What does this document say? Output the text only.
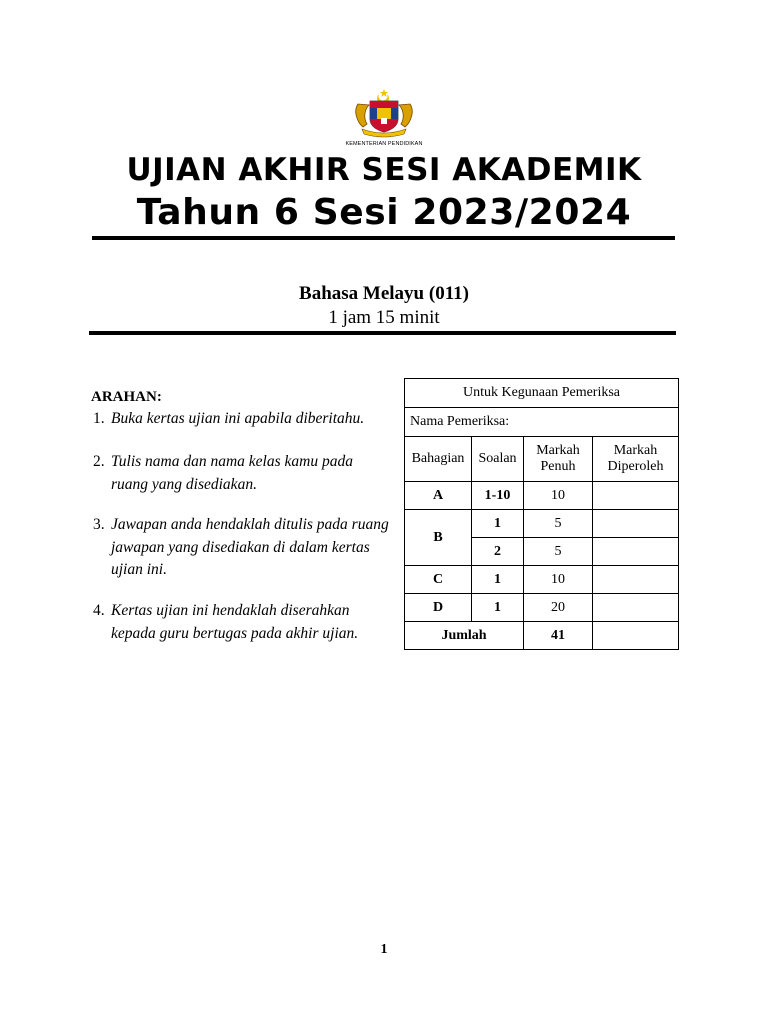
KEMENTERIAN PENDIDIKAN
UJIAN AKHIR SESI AKADEMIK
Tahun 6 Sesi 2023/2024
Bahasa Melayu (011)
1 jam 15 minit
ARAHAN:
1. Buka kertas ujian ini apabila diberitahu.
2. Tulis nama dan nama kelas kamu pada ruang yang disediakan.
3. Jawapan anda hendaklah ditulis pada ruang jawapan yang disediakan di dalam kertas ujian ini.
4. Kertas ujian ini hendaklah diserahkan kepada guru bertugas pada akhir ujian.
Untuk Kegunaan Pemeriksa			
Nama Pemeriksa:			
Bahagian	Soalan	Markah Penuh	Markah Diperoleh
A	1-10	10	
B	1	5	
	2	5	
C	1	10	
D	1	20	
Jumlah		41	
1
